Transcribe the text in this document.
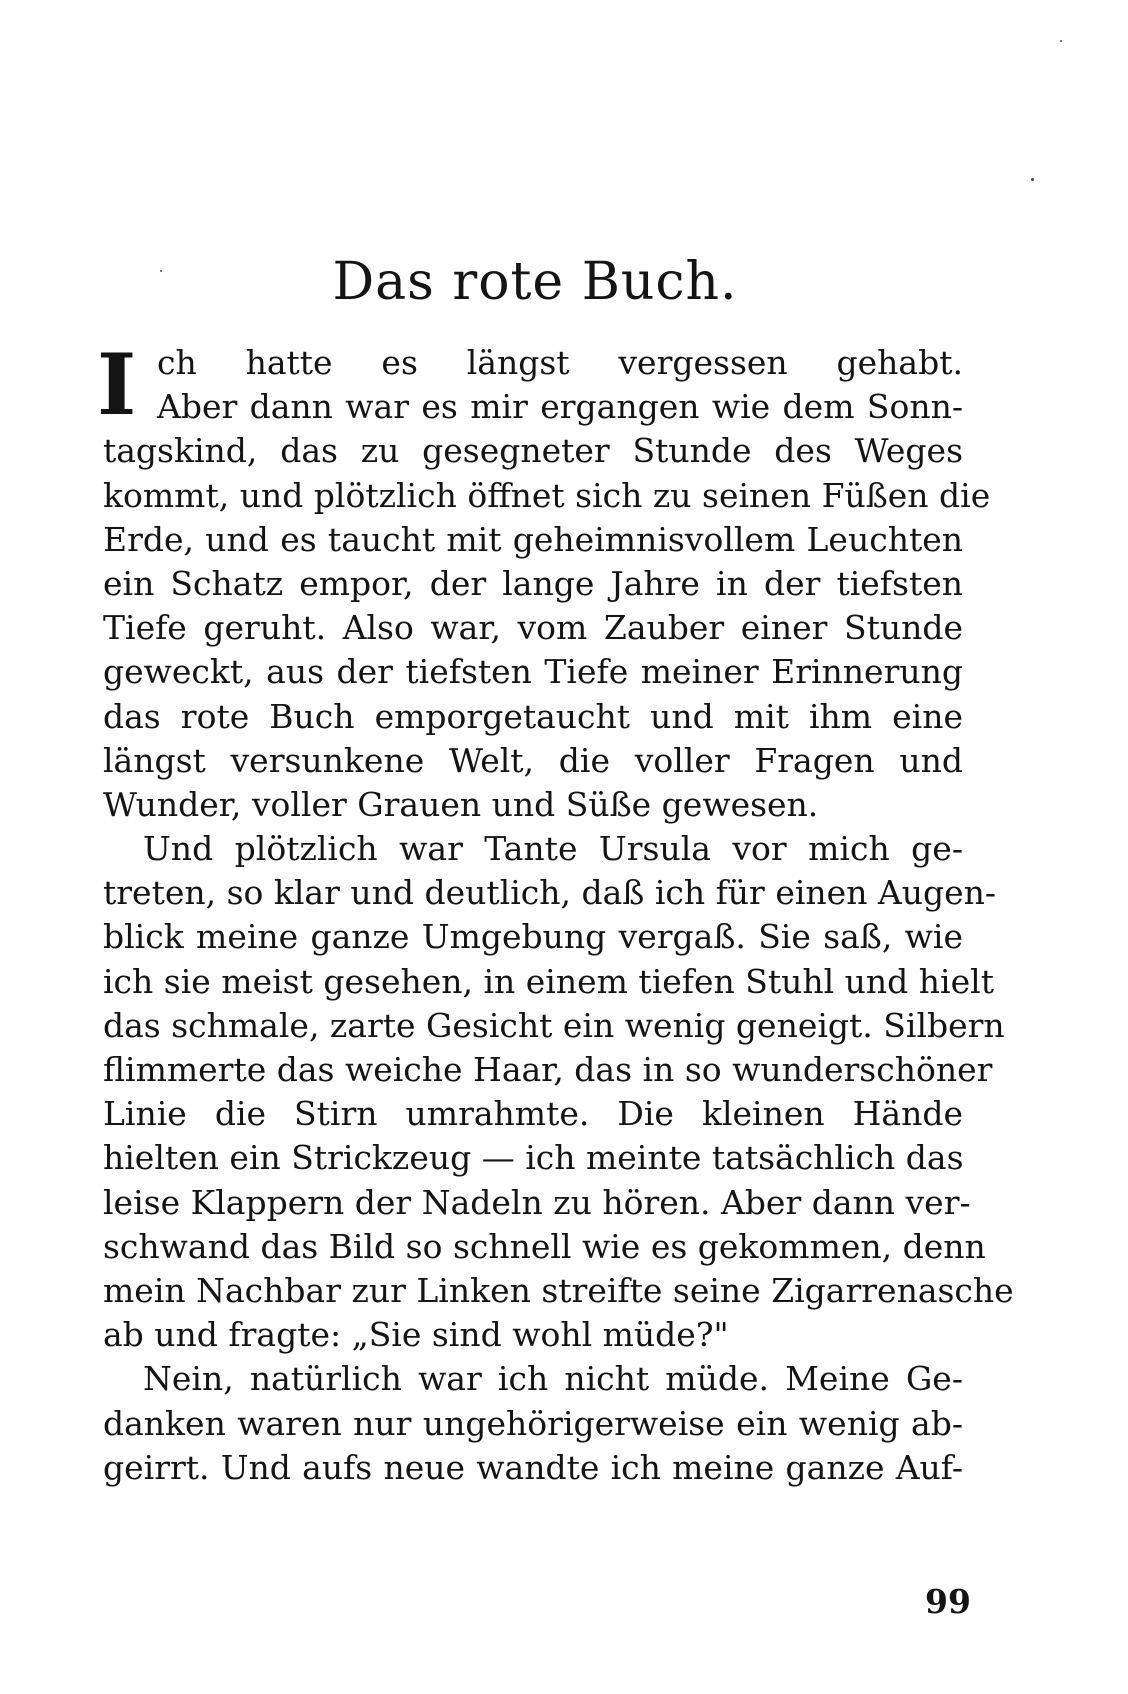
Das rote Buch.
I ch hatte es längst vergessen gehabt.
Aber dann war es mir ergangen wie dem Sonn-
tagskind, das zu gesegneter Stunde des Weges
kommt, und plötzlich öffnet sich zu seinen Füßen die
Erde, und es taucht mit geheimnisvollem Leuchten
ein Schatz empor, der lange Jahre in der tiefsten
Tiefe geruht. Also war, vom Zauber einer Stunde
geweckt, aus der tiefsten Tiefe meiner Erinnerung
das rote Buch emporgetaucht und mit ihm eine
längst versunkene Welt, die voller Fragen und
Wunder, voller Grauen und Süße gewesen.
Und plötzlich war Tante Ursula vor mich ge-
treten, so klar und deutlich, daß ich für einen Augen-
blick meine ganze Umgebung vergaß. Sie saß, wie
ich sie meist gesehen, in einem tiefen Stuhl und hielt
das schmale, zarte Gesicht ein wenig geneigt. Silbern
flimmerte das weiche Haar, das in so wunderschöner
Linie die Stirn umrahmte. Die kleinen Hände
hielten ein Strickzeug — ich meinte tatsächlich das
leise Klappern der Nadeln zu hören. Aber dann ver-
schwand das Bild so schnell wie es gekommen, denn
mein Nachbar zur Linken streifte seine Zigarrenasche
ab und fragte: „Sie sind wohl müde?"
Nein, natürlich war ich nicht müde. Meine Ge-
danken waren nur ungehörigerweise ein wenig ab-
geirrt. Und aufs neue wandte ich meine ganze Auf-
99
